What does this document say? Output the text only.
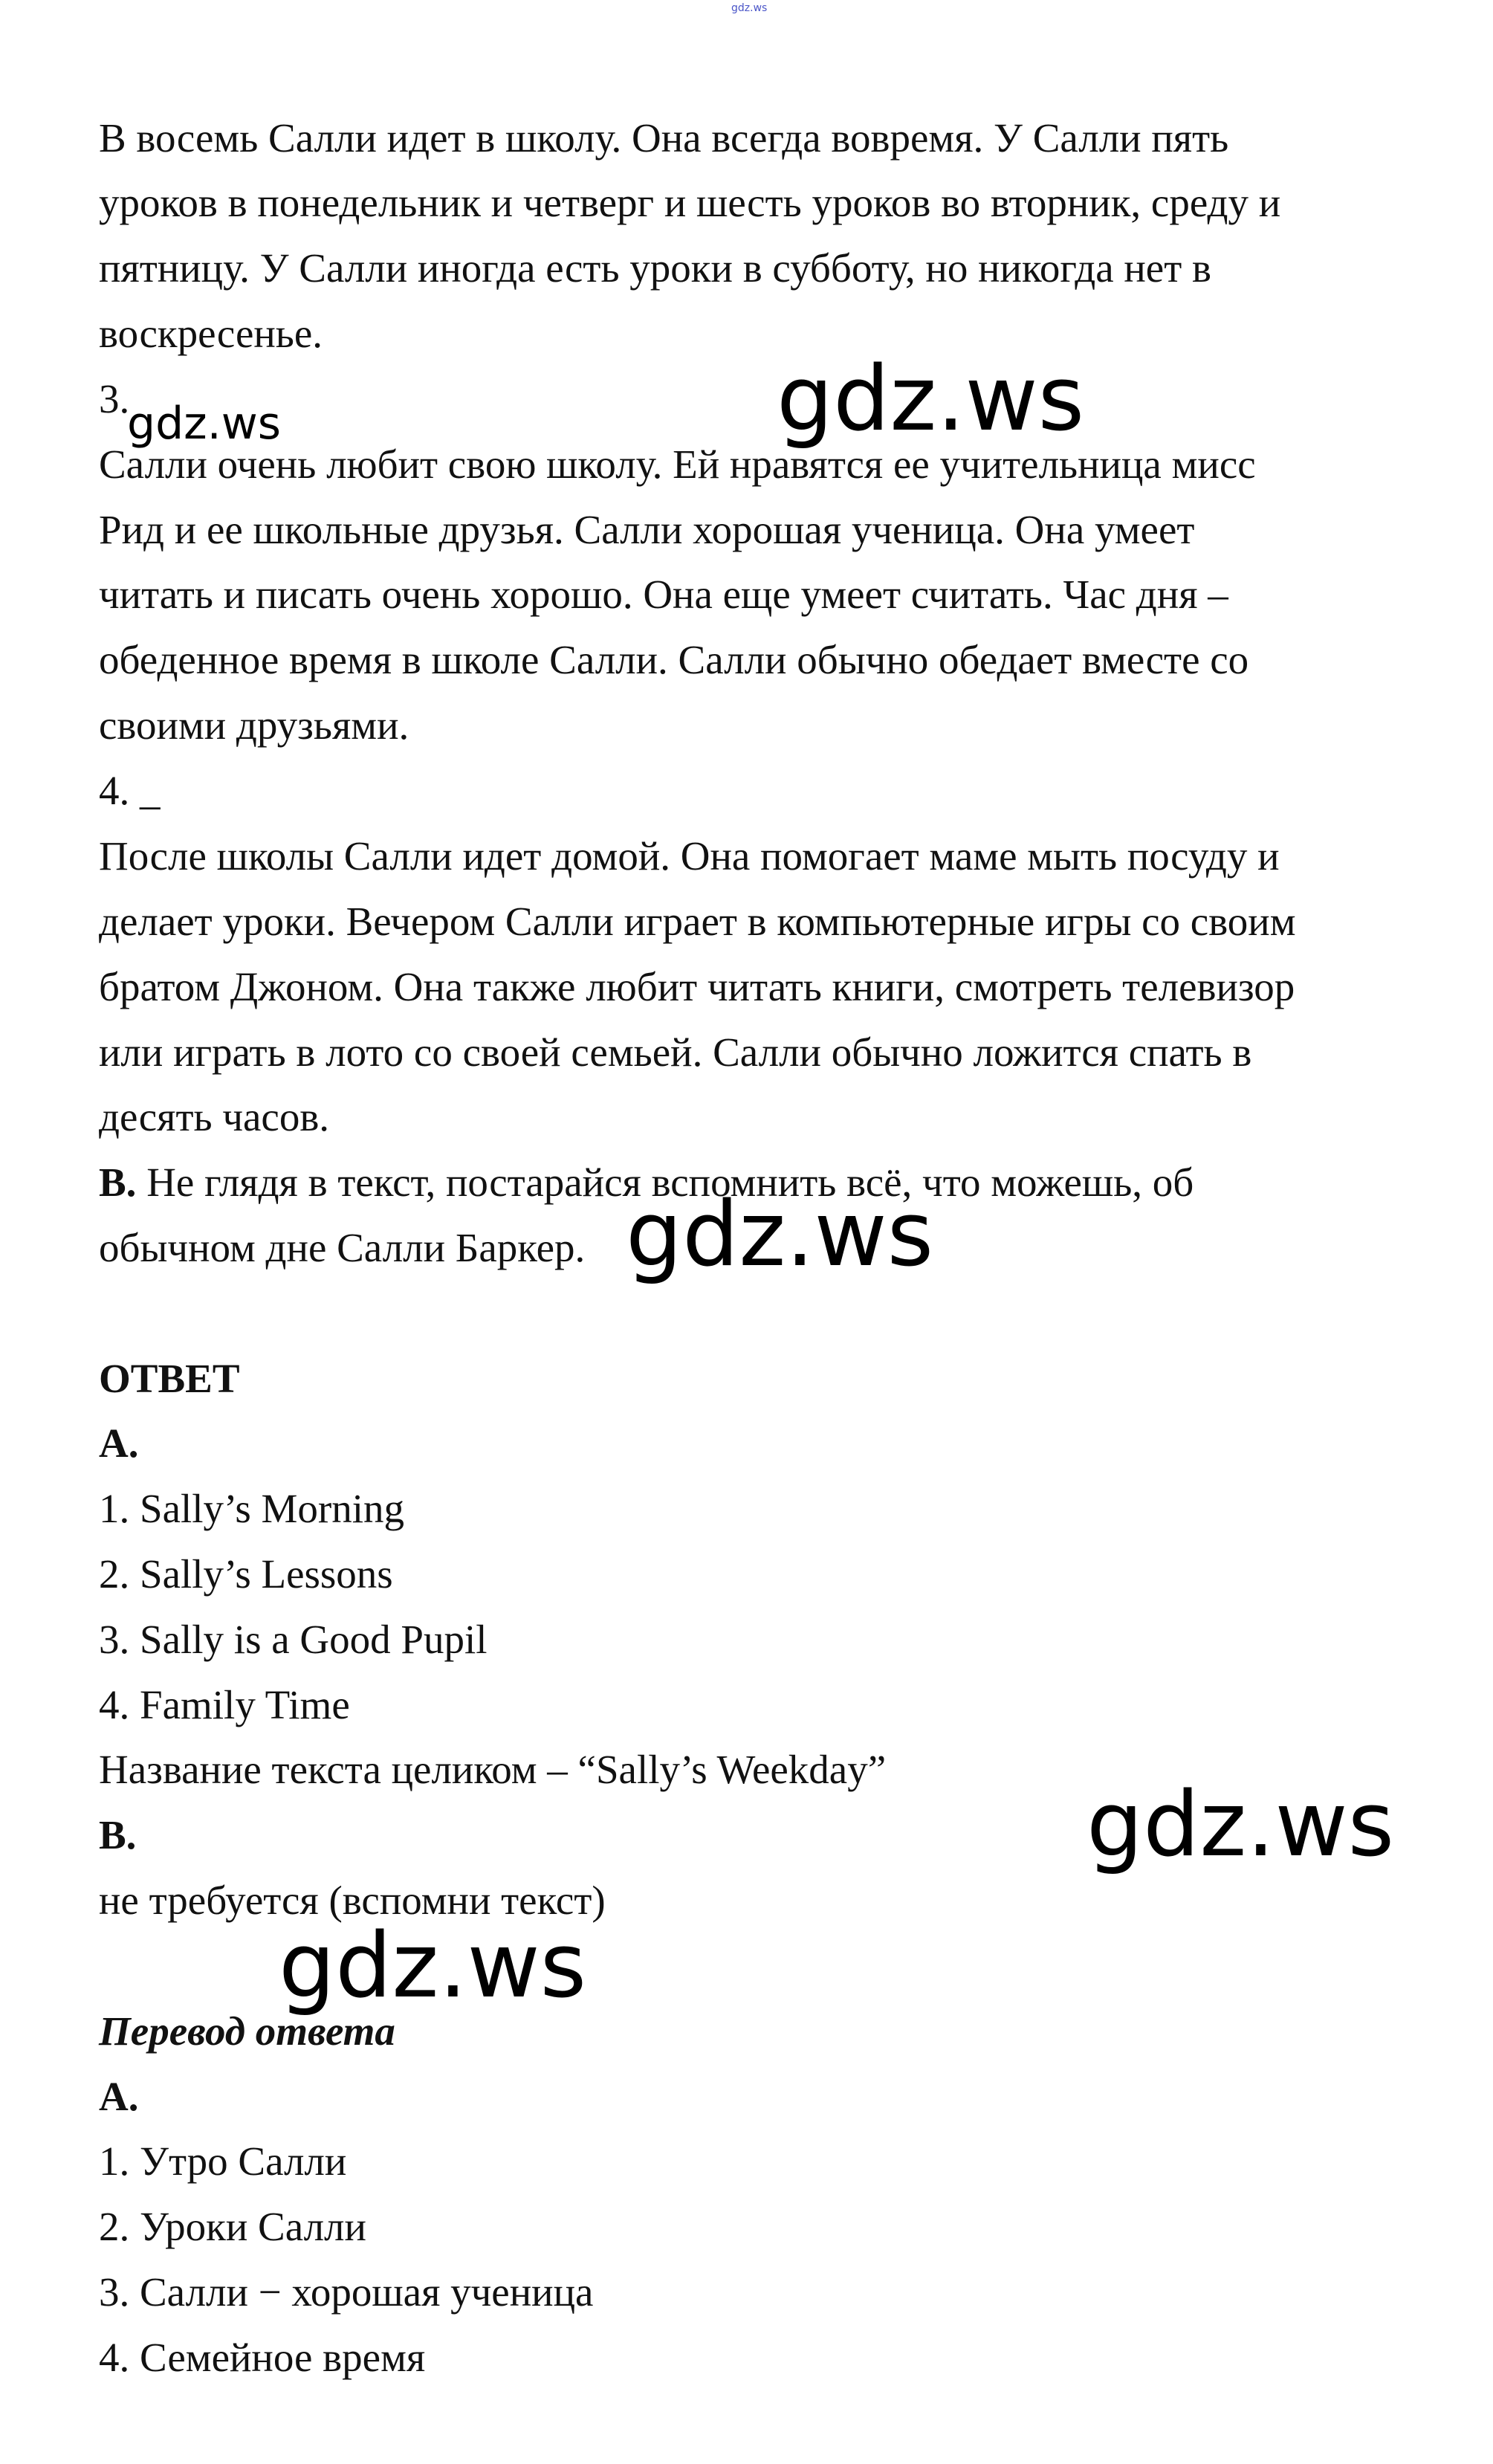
gdz.ws
В восемь Салли идет в школу. Она всегда вовремя. У Салли пять
уроков в понедельник и четверг и шесть уроков во вторник, среду и
пятницу. У Салли иногда есть уроки в субботу, но никогда нет в
воскресенье.
3.
gdz.ws	gdz.ws
Салли очень любит свою школу. Ей нравятся ее учительница мисс
Рид и ее школьные друзья. Салли хорошая ученица. Она умеет
читать и писать очень хорошо. Она еще умеет считать. Час дня –
обеденное время в школе Салли. Салли обычно обедает вместе со
своими друзьями.
4. _
После школы Салли идет домой. Она помогает маме мыть посуду и
делает уроки. Вечером Салли играет в компьютерные игры со своим
братом Джоном. Она также любит читать книги, смотреть телевизор
или играть в лото со своей семьей. Салли обычно ложится спать в
десять часов.
B. Не глядя в текст, постарайся вспомнить всё, что можешь, об
обычном дне Салли Баркер. gdz.ws
ОТВЕТ
A.
1. Sally’s Morning
2. Sally’s Lessons
3. Sally is a Good Pupil
4. Family Time
Название текста целиком – “Sally’s Weekday”
B.	gdz.ws
не требуется (вспомни текст)
gdz.ws
Перевод ответа
A.
1. Утро Салли
2. Уроки Салли
3. Салли − хорошая ученица
4. Семейное время
